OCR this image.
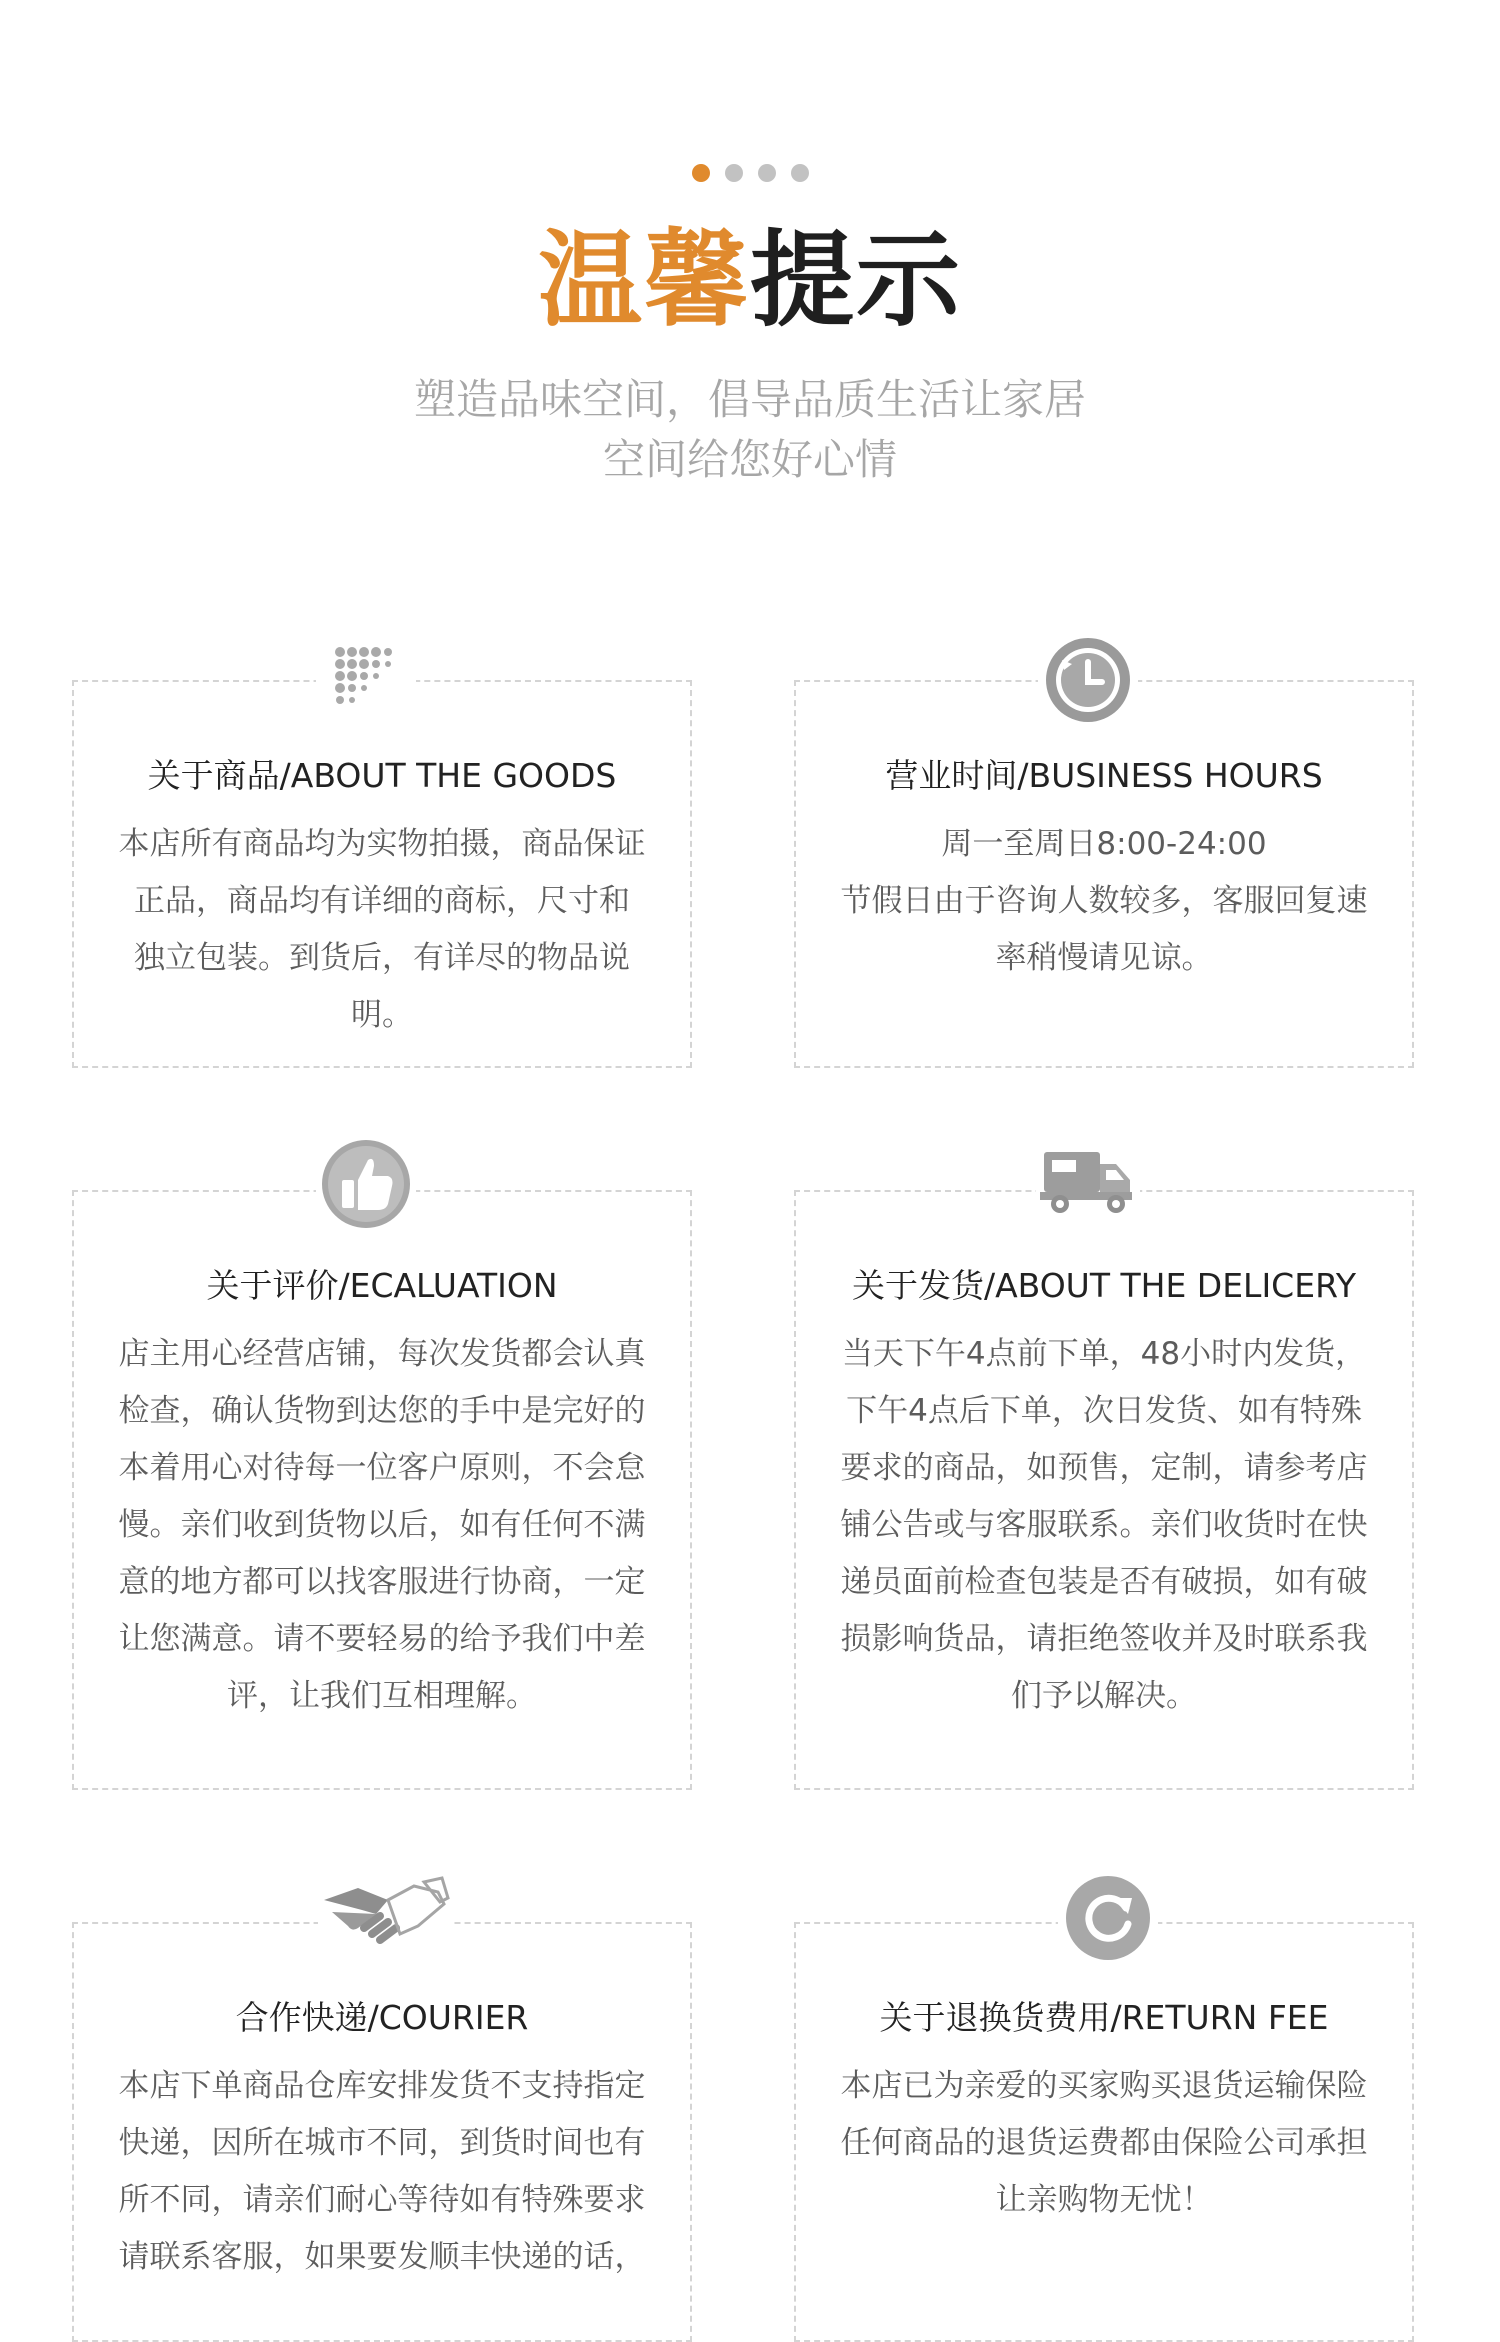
温馨提示
塑造品味空间，倡导品质生活让家居
空间给您好心情
关于商品/ABOUT THE GOODS
本店所有商品均为实物拍摄，商品保证
正品，商品均有详细的商标，尺寸和
独立包装。到货后，有详尽的物品说明。
营业时间/BUSINESS HOURS
周一至周日8:00-24:00
节假日由于咨询人数较多，客服回复速
率稍慢请见谅。
关于评价/ECALUATION
店主用心经营店铺，每次发货都会认真
检查，确认货物到达您的手中是完好的
本着用心对待每一位客户原则，不会怠
慢。亲们收到货物以后，如有任何不满
意的地方都可以找客服进行协商，一定
让您满意。请不要轻易的给予我们中差
评，让我们互相理解。
关于发货/ABOUT THE DELICERY
当天下午4点前下单，48小时内发货，
下午4点后下单，次日发货、如有特殊
要求的商品，如预售，定制，请参考店
铺公告或与客服联系。亲们收货时在快
递员面前检查包装是否有破损，如有破
损影响货品，请拒绝签收并及时联系我
们予以解决。
合作快递/COURIER
本店下单商品仓库安排发货不支持指定
快递，因所在城市不同，到货时间也有
所不同，请亲们耐心等待如有特殊要求
请联系客服，如果要发顺丰快递的话，
关于退换货费用/RETURN FEE
本店已为亲爱的买家购买退货运输保险
任何商品的退货运费都由保险公司承担
让亲购物无忧！
